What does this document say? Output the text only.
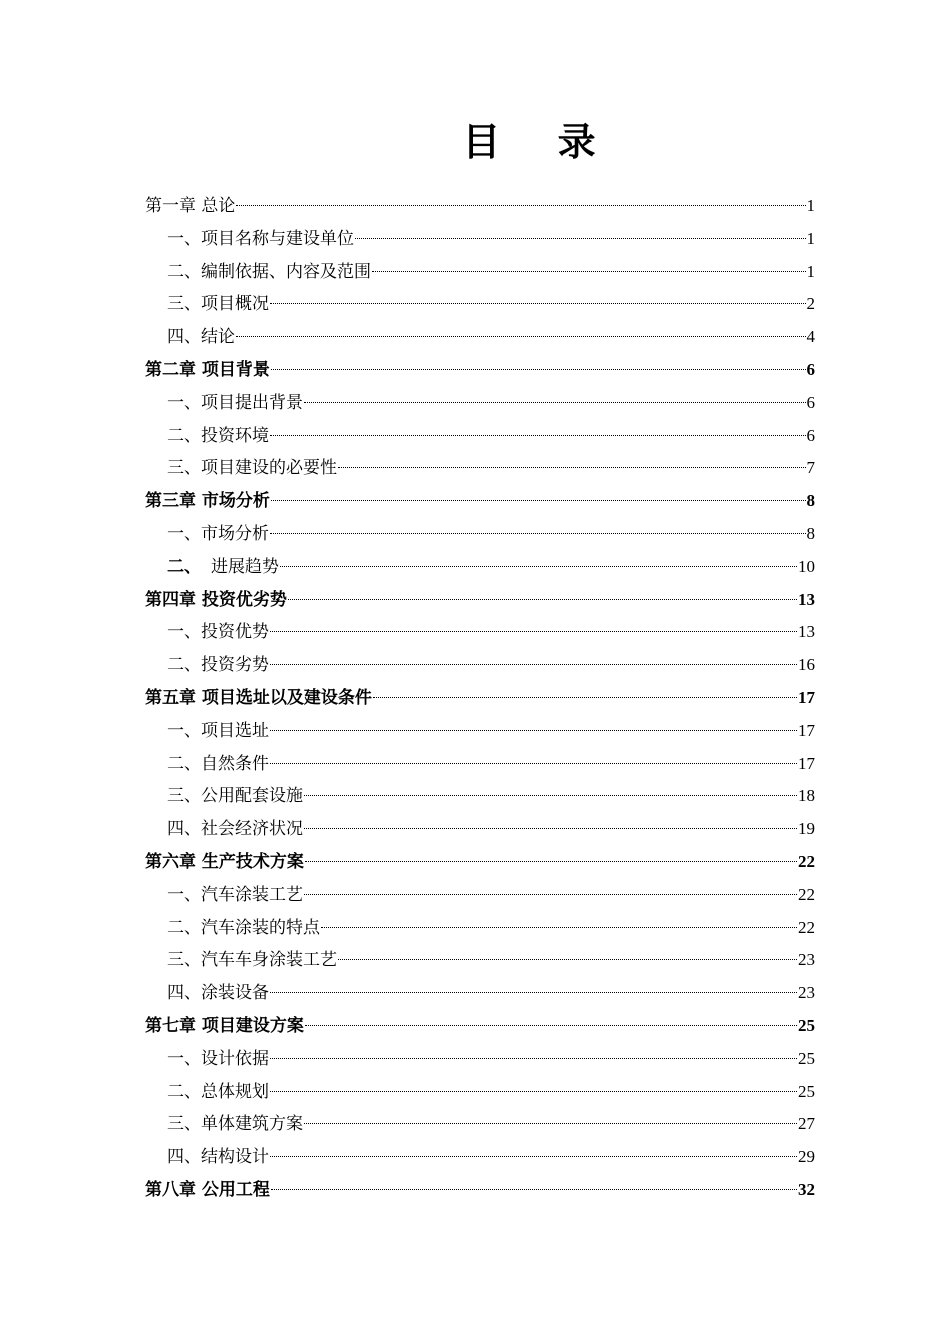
目 录
第一章 总论	1
一、项目名称与建设单位	1
二、编制依据、内容及范围	1
三、项目概况	2
四、结论	4
第二章 项目背景	6
一、项目提出背景	6
二、投资环境	6
三、项目建设的必要性	7
第三章 市场分析	8
一、市场分析	8
二、 进展趋势	10
第四章 投资优劣势	13
一、投资优势	13
二、投资劣势	16
第五章 项目选址以及建设条件	17
一、项目选址	17
二、自然条件	17
三、公用配套设施	18
四、社会经济状况	19
第六章 生产技术方案	22
一、汽车涂装工艺	22
二、汽车涂装的特点	22
三、汽车车身涂装工艺	23
四、涂装设备	23
第七章 项目建设方案	25
一、设计依据	25
二、总体规划	25
三、单体建筑方案	27
四、结构设计	29
第八章 公用工程	32
